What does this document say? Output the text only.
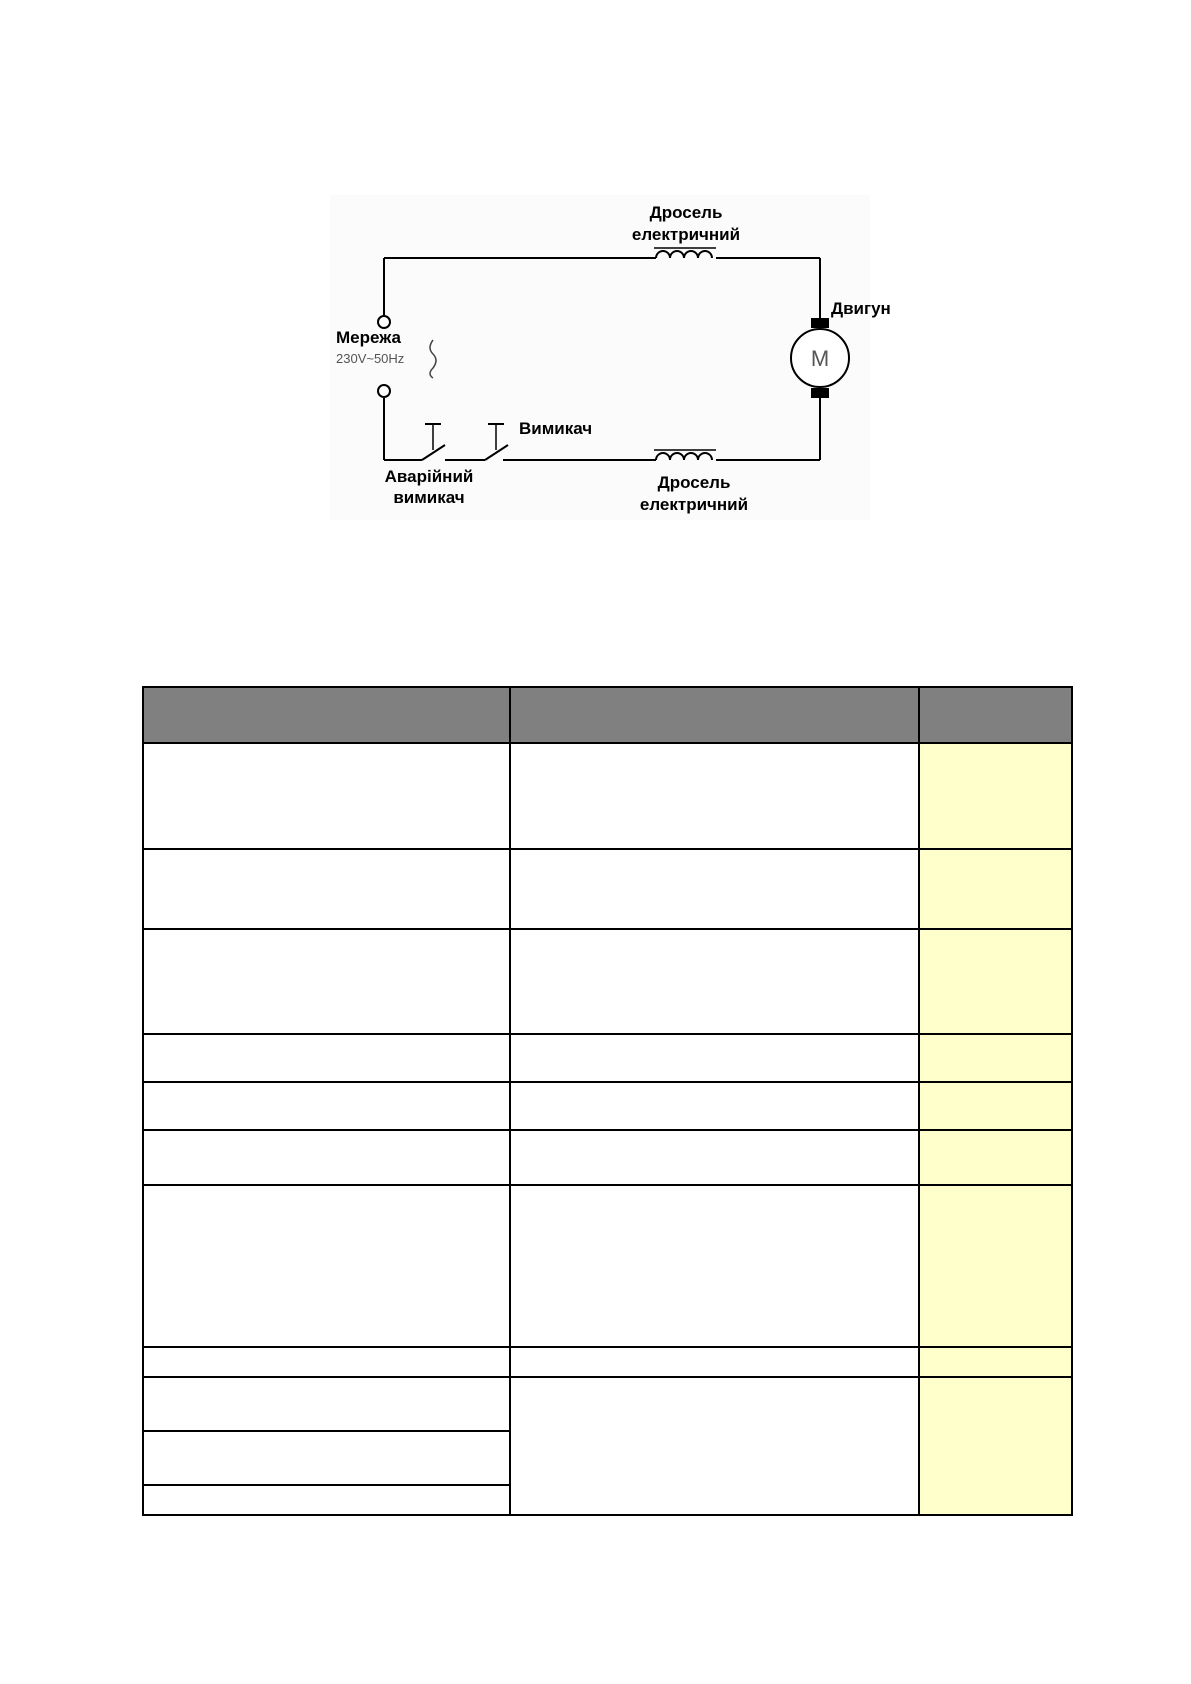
M
Дросель
електричний
Двигун
Мережа
230V~50Hz
Вимикач
Аварійний
вимикач
Дросель
електричний
